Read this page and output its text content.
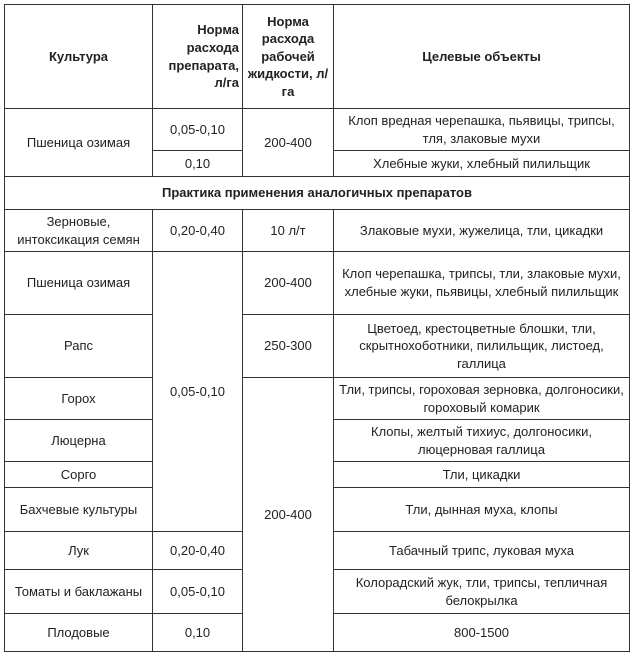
Культура	Норма расхода препарата, л/га	Норма расхода рабочей жидкости, л/га	Целевые объекты	
Пшеница озимая	0,05-0,10	200-400	Клоп вредная черепашка, пьявицы, трипсы, тля, злаковые мухи	
	0,10		Хлебные жуки, хлебный пилильщик	
Практика применения аналогичных препаратов				
Зерновые, интоксикация семян	0,20-0,40	10 л/т	Злаковые мухи, жужелица, тли, цикадки	
Пшеница озимая	0,05-0,10	200-400	Клоп черепашка, трипсы, тли, злаковые мухи, хлебные жуки, пьявицы, хлебный пилильщик	
Рапс		250-300	Цветоед, крестоцветные блошки, тли, скрытнохоботники, пилильщик, листоед, галлица	
Горох		200-400	Тли, трипсы, гороховая зерновка, долгоносики, гороховый комарик	
Люцерна			Клопы, желтый тихиус, долгоносики, люцерновая галлица	
Сорго			Тли, цикадки	
Бахчевые культуры			Тли, дынная муха, клопы	
Лук	0,20-0,40		Табачный трипс, луковая муха	
Томаты и баклажаны	0,05-0,10		Колорадский жук, тли, трипсы, тепличная белокрылка	
Плодовые	0,10		800-1500	
